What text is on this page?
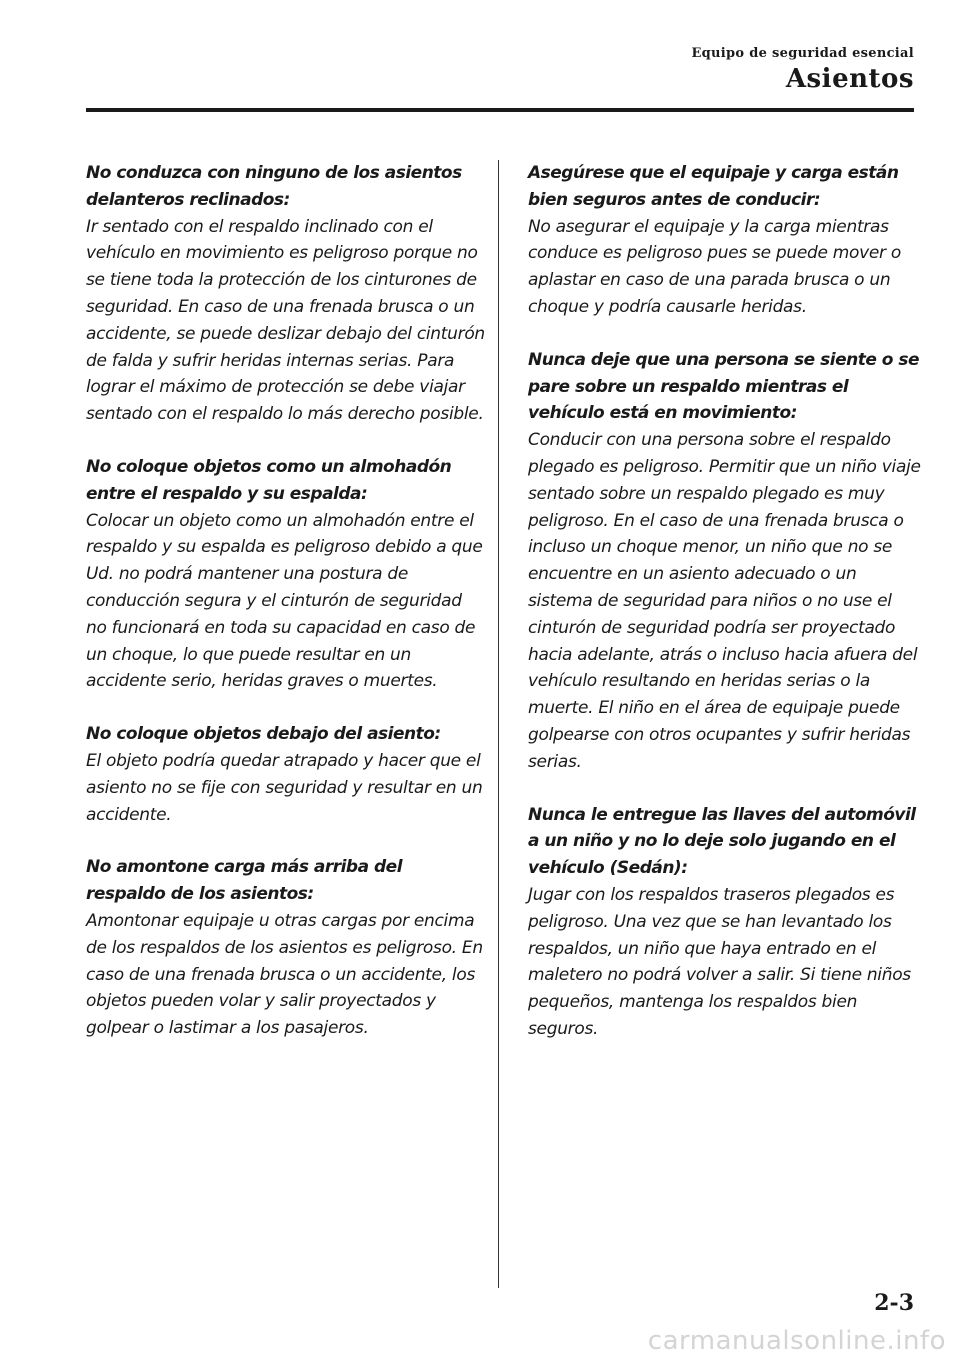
Equipo de seguridad esencial
Asientos
No conduzca con ninguno de los asientos delanteros reclinados:
Ir sentado con el respaldo inclinado con el vehículo en movimiento es peligroso porque no se tiene toda la protección de los cinturones de seguridad. En caso de una frenada brusca o un accidente, se puede deslizar debajo del cinturón de falda y sufrir heridas internas serias. Para lograr el máximo de protección se debe viajar sentado con el respaldo lo más derecho posible.
No coloque objetos como un almohadón entre el respaldo y su espalda:
Colocar un objeto como un almohadón entre el respaldo y su espalda es peligroso debido a que Ud. no podrá mantener una postura de conducción segura y el cinturón de seguridad no funcionará en toda su capacidad en caso de un choque, lo que puede resultar en un accidente serio, heridas graves o muertes.
No coloque objetos debajo del asiento:
El objeto podría quedar atrapado y hacer que el asiento no se fije con seguridad y resultar en un accidente.
No amontone carga más arriba del respaldo de los asientos:
Amontonar equipaje u otras cargas por encima de los respaldos de los asientos es peligroso. En caso de una frenada brusca o un accidente, los objetos pueden volar y salir proyectados y golpear o lastimar a los pasajeros.
Asegúrese que el equipaje y carga están bien seguros antes de conducir:
No asegurar el equipaje y la carga mientras conduce es peligroso pues se puede mover o aplastar en caso de una parada brusca o un choque y podría causarle heridas.
Nunca deje que una persona se siente o se pare sobre un respaldo mientras el vehículo está en movimiento:
Conducir con una persona sobre el respaldo plegado es peligroso. Permitir que un niño viaje sentado sobre un respaldo plegado es muy peligroso. En el caso de una frenada brusca o incluso un choque menor, un niño que no se encuentre en un asiento adecuado o un sistema de seguridad para niños o no use el cinturón de seguridad podría ser proyectado hacia adelante, atrás o incluso hacia afuera del vehículo resultando en heridas serias o la muerte. El niño en el área de equipaje puede golpearse con otros ocupantes y sufrir heridas serias.
Nunca le entregue las llaves del automóvil a un niño y no lo deje solo jugando en el vehículo (Sedán):
Jugar con los respaldos traseros plegados es peligroso. Una vez que se han levantado los respaldos, un niño que haya entrado en el maletero no podrá volver a salir. Si tiene niños pequeños, mantenga los respaldos bien seguros.
2-3
carmanualsonline.info
